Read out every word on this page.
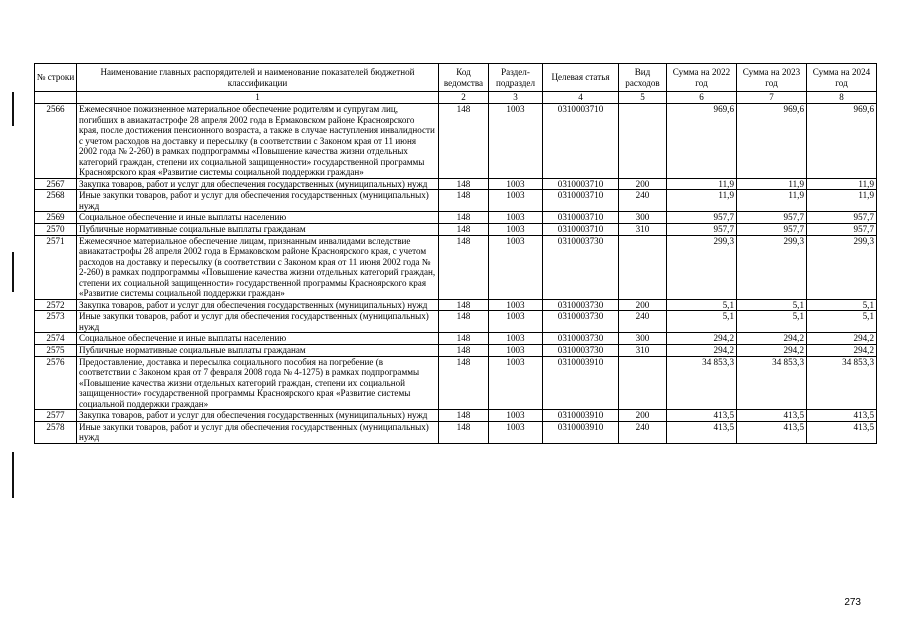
№ строки	Наименование главных распорядителей и наименование показателей бюджетной классификации	Код ведомства	Раздел-подраздел	Целевая статья	Вид расходов	Сумма на 2022 год	Сумма на 2023 год	Сумма на 2024 год
	1	2	3	4	5	6	7	8
2566	Ежемесячное пожизненное материальное обеспечение родителям и супругам лиц, погибших в авиакатастрофе 28 апреля 2002 года в Ермаковском районе Красноярского края, после достижения пенсионного возраста, а также в случае наступления инвалидности с учетом расходов на доставку и пересылку (в соответствии с Законом края от 11 июня 2002 года № 2-260) в рамках подпрограммы «Повышение качества жизни отдельных категорий граждан, степени их социальной защищенности» государственной программы Красноярского края «Развитие системы социальной поддержки граждан»	148	1003	0310003710		969,6	969,6	969,6
2567	Закупка товаров, работ и услуг для обеспечения государственных (муниципальных) нужд	148	1003	0310003710	200	11,9	11,9	11,9
2568	Иные закупки товаров, работ и услуг для обеспечения государственных (муниципальных) нужд	148	1003	0310003710	240	11,9	11,9	11,9
2569	Социальное обеспечение и иные выплаты населению	148	1003	0310003710	300	957,7	957,7	957,7
2570	Публичные нормативные социальные выплаты гражданам	148	1003	0310003710	310	957,7	957,7	957,7
2571	Ежемесячное материальное обеспечение лицам, признанным инвалидами вследствие авиакатастрофы 28 апреля 2002 года в Ермаковском районе Красноярского края, с учетом расходов на доставку и пересылку (в соответствии с Законом края от 11 июня 2002 года № 2-260) в рамках подпрограммы «Повышение качества жизни отдельных категорий граждан, степени их социальной защищенности» государственной программы Красноярского края «Развитие системы социальной поддержки граждан»	148	1003	0310003730		299,3	299,3	299,3
2572	Закупка товаров, работ и услуг для обеспечения государственных (муниципальных) нужд	148	1003	0310003730	200	5,1	5,1	5,1
2573	Иные закупки товаров, работ и услуг для обеспечения государственных (муниципальных) нужд	148	1003	0310003730	240	5,1	5,1	5,1
2574	Социальное обеспечение и иные выплаты населению	148	1003	0310003730	300	294,2	294,2	294,2
2575	Публичные нормативные социальные выплаты гражданам	148	1003	0310003730	310	294,2	294,2	294,2
2576	Предоставление, доставка и пересылка социального пособия на погребение (в соответствии с Законом края от 7 февраля 2008 года № 4-1275) в рамках подпрограммы «Повышение качества жизни отдельных категорий граждан, степени их социальной защищенности» государственной программы Красноярского края «Развитие системы социальной поддержки граждан»	148	1003	0310003910		34 853,3	34 853,3	34 853,3
2577	Закупка товаров, работ и услуг для обеспечения государственных (муниципальных) нужд	148	1003	0310003910	200	413,5	413,5	413,5
2578	Иные закупки товаров, работ и услуг для обеспечения государственных (муниципальных) нужд	148	1003	0310003910	240	413,5	413,5	413,5
273
